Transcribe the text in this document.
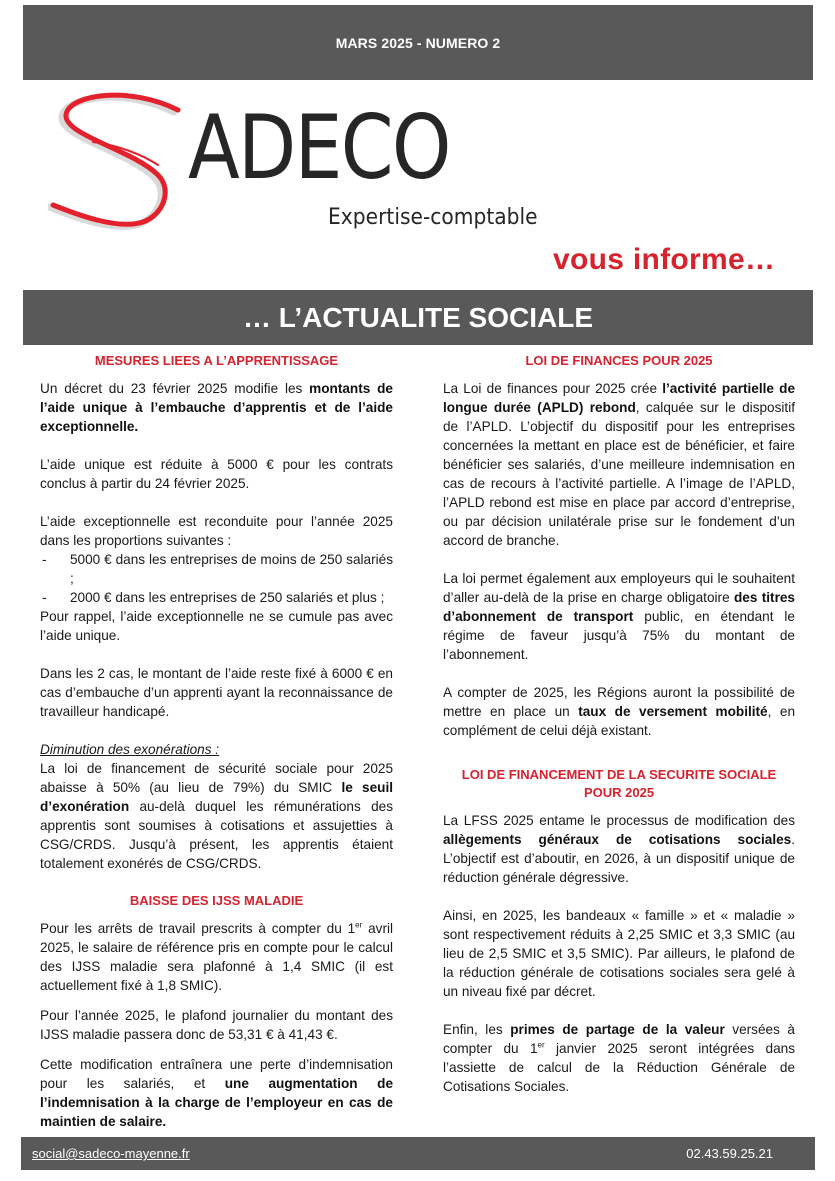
MARS 2025 - NUMERO 2
ADECO
Expertise-comptable
vous informe…
… L’ACTUALITE SOCIALE
MESURES LIEES A L’APPRENTISSAGE

Un décret du 23 février 2025 modifie les montants de l’aide unique à l’embauche d’apprentis et de l’aide exceptionnelle.

L’aide unique est réduite à 5000 € pour les contrats conclus à partir du 24 février 2025.

L’aide exceptionnelle est reconduite pour l’année 2025 dans les proportions suivantes :
-	5000 € dans les entreprises de moins de 250 salariés ;
-	2000 € dans les entreprises de 250 salariés et plus ;

Pour rappel, l’aide exceptionnelle ne se cumule pas avec l’aide unique.

Dans les 2 cas, le montant de l’aide reste fixé à 6000 € en cas d’embauche d’un apprenti ayant la reconnaissance de travailleur handicapé.

Diminution des exonérations :

La loi de financement de sécurité sociale pour 2025 abaisse à 50% (au lieu de 79%) du SMIC le seuil d’exonération au-delà duquel les rémunérations des apprentis sont soumises à cotisations et assujetties à CSG/CRDS. Jusqu’à présent, les apprentis étaient totalement exonérés de CSG/CRDS.

BAISSE DES IJSS MALADIE

Pour les arrêts de travail prescrits à compter du 1er avril 2025, le salaire de référence pris en compte pour le calcul des IJSS maladie sera plafonné à 1,4 SMIC (il est actuellement fixé à 1,8 SMIC).

Pour l’année 2025, le plafond journalier du montant des IJSS maladie passera donc de 53,31 € à 41,43 €.

Cette modification entraînera une perte d’indemnisation pour les salariés, et une augmentation de l’indemnisation à la charge de l’employeur en cas de maintien de salaire.

LOI DE FINANCES POUR 2025

La Loi de finances pour 2025 crée l’activité partielle de longue durée (APLD) rebond, calquée sur le dispositif de l’APLD. L’objectif du dispositif pour les entreprises concernées la mettant en place est de bénéficier, et faire bénéficier ses salariés, d’une meilleure indemnisation en cas de recours à l’activité partielle. A l’image de l’APLD, l’APLD rebond est mise en place par accord d’entreprise, ou par décision unilatérale prise sur le fondement d’un accord de branche.

La loi permet également aux employeurs qui le souhaitent d’aller au-delà de la prise en charge obligatoire des titres d’abonnement de transport public, en étendant le régime de faveur jusqu’à 75% du montant de l’abonnement.

A compter de 2025, les Régions auront la possibilité de mettre en place un taux de versement mobilité, en complément de celui déjà existant.

LOI DE FINANCEMENT DE LA SECURITE SOCIALE POUR 2025

La LFSS 2025 entame le processus de modification des allègements généraux de cotisations sociales. L’objectif est d’aboutir, en 2026, à un dispositif unique de réduction générale dégressive.

Ainsi, en 2025, les bandeaux « famille » et « maladie » sont respectivement réduits à 2,25 SMIC et 3,3 SMIC (au lieu de 2,5 SMIC et 3,5 SMIC). Par ailleurs, le plafond de la réduction générale de cotisations sociales sera gelé à un niveau fixé par décret.

Enfin, les primes de partage de la valeur versées à compter du 1er janvier 2025 seront intégrées dans l’assiette de calcul de la Réduction Générale de Cotisations Sociales.

social@sadeco-mayenne.fr	02.43.59.25.21
